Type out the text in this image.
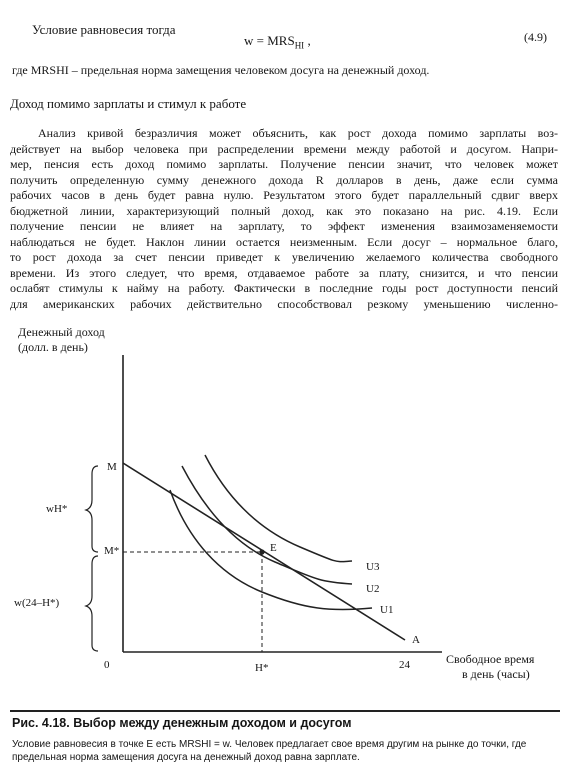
Условие равновесия тогда
$w = MRS_{HI}$ ,	(4.9)
где MRSHI – предельная норма замещения человеком досуга на денежный доход.
Доход помимо зарплаты и стимул к работе
Анализ кривой безразличия может объяснить, как рост дохода помимо зарплаты воз-
действует на выбор человека при распределении времени между работой и досугом. Напри-
мер, пенсия есть доход помимо зарплаты. Получение пенсии значит, что человек может
получить определенную сумму денежного дохода R долларов в день, даже если сумма
рабочих часов в день будет равна нулю. Результатом этого будет параллельный сдвиг вверх
бюджетной линии, характеризующий полный доход, как это показано на рис. 4.19. Если
получение пенсии не влияет на зарплату, то эффект изменения взаимозаменяемости
наблюдаться не будет. Наклон линии остается неизменным. Если досуг – нормальное благо,
то рост дохода за счет пенсии приведет к увеличению желаемого количества свободного
времени. Из этого следует, что время, отдаваемое работе за плату, снизится, и что пенсии
ослабят стимулы к найму на работу. Фактически в последние годы рост доступности пенсий
для американских рабочих действительно способствовал резкому уменьшению численно-
Денежный доход
(долл. в день)
M
M*	E
A
0	H*	24
wH*
w(24–H*)
U3
U2
U1
Свободное время
в день (часы)
Рис. 4.18. Выбор между денежным доходом и досугом
Условие равновесия в точке E есть MRSHI = w. Человек предлагает свое время другим на рынке до точки, где
предельная норма замещения досуга на денежный доход равна зарплате.
